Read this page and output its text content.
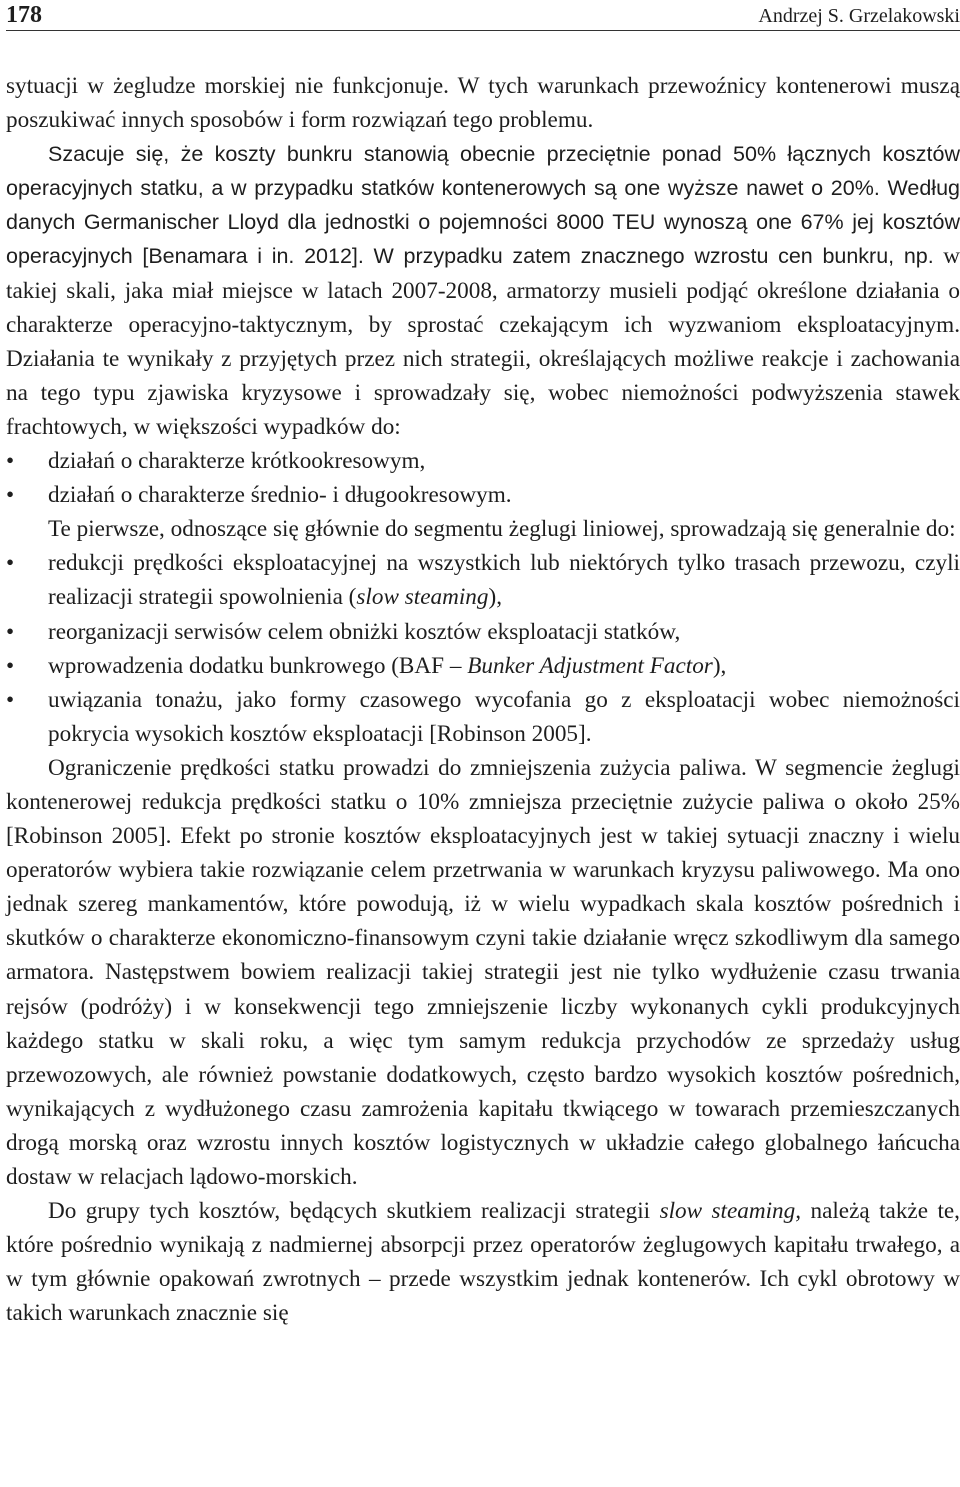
178	Andrzej S. Grzelakowski

sytuacji w żegludze morskiej nie funkcjonuje. W tych warunkach przewoźnicy kontenerowi muszą poszukiwać innych sposobów i form rozwiązań tego problemu.

Szacuje się, że koszty bunkru stanowią obecnie przeciętnie ponad 50% łącznych kosztów operacyjnych statku, a w przypadku statków kontenerowych są one wyższe nawet o 20%. Według danych Germanischer Lloyd dla jednostki o pojemności 8000 TEU wynoszą one 67% jej kosztów operacyjnych [Benamara i in. 2012]. W przypadku zatem znacznego wzrostu cen bunkru, np. w takiej skali, jaka miał miejsce w latach 2007-2008, armatorzy musieli podjąć określone działania o charakterze operacyjno-taktycznym, by sprostać czekającym ich wyzwaniom eksploatacyjnym. Działania te wynikały z przyjętych przez nich strategii, określających możliwe reakcje i zachowania na tego typu zjawiska kryzysowe i sprowadzały się, wobec niemożności podwyższenia stawek frachtowych, w większości wypadków do:

•	działań o charakterze krótkookresowym,
•	działań o charakterze średnio- i długookresowym.

Te pierwsze, odnoszące się głównie do segmentu żeglugi liniowej, sprowadzają się generalnie do:

•	redukcji prędkości eksploatacyjnej na wszystkich lub niektórych tylko trasach przewozu, czyli realizacji strategii spowolnienia (slow steaming),
•	reorganizacji serwisów celem obniżki kosztów eksploatacji statków,
•	wprowadzenia dodatku bunkrowego (BAF – Bunker Adjustment Factor),
•	uwiązania tonażu, jako formy czasowego wycofania go z eksploatacji wobec niemożności pokrycia wysokich kosztów eksploatacji [Robinson 2005].

Ograniczenie prędkości statku prowadzi do zmniejszenia zużycia paliwa. W segmencie żeglugi kontenerowej redukcja prędkości statku o 10% zmniejsza przeciętnie zużycie paliwa o około 25% [Robinson 2005]. Efekt po stronie kosztów eksploatacyjnych jest w takiej sytuacji znaczny i wielu operatorów wybiera takie rozwiązanie celem przetrwania w warunkach kryzysu paliwowego. Ma ono jednak szereg mankamentów, które powodują, iż w wielu wypadkach skala kosztów pośrednich i skutków o charakterze ekonomiczno-finansowym czyni takie działanie wręcz szkodliwym dla samego armatora. Następstwem bowiem realizacji takiej strategii jest nie tylko wydłużenie czasu trwania rejsów (podróży) i w konsekwencji tego zmniejszenie liczby wykonanych cykli produkcyjnych każdego statku w skali roku, a więc tym samym redukcja przychodów ze sprzedaży usług przewozowych, ale również powstanie dodatkowych, często bardzo wysokich kosztów pośrednich, wynikających z wydłużonego czasu zamrożenia kapitału tkwiącego w towarach przemieszczanych drogą morską oraz wzrostu innych kosztów logistycznych w układzie całego globalnego łańcucha dostaw w relacjach lądowo-morskich.

Do grupy tych kosztów, będących skutkiem realizacji strategii slow steaming, należą także te, które pośrednio wynikają z nadmiernej absorpcji przez operatorów żeglugowych kapitału trwałego, a w tym głównie opakowań zwrotnych – przede wszystkim jednak kontenerów. Ich cykl obrotowy w takich warunkach znacznie się
